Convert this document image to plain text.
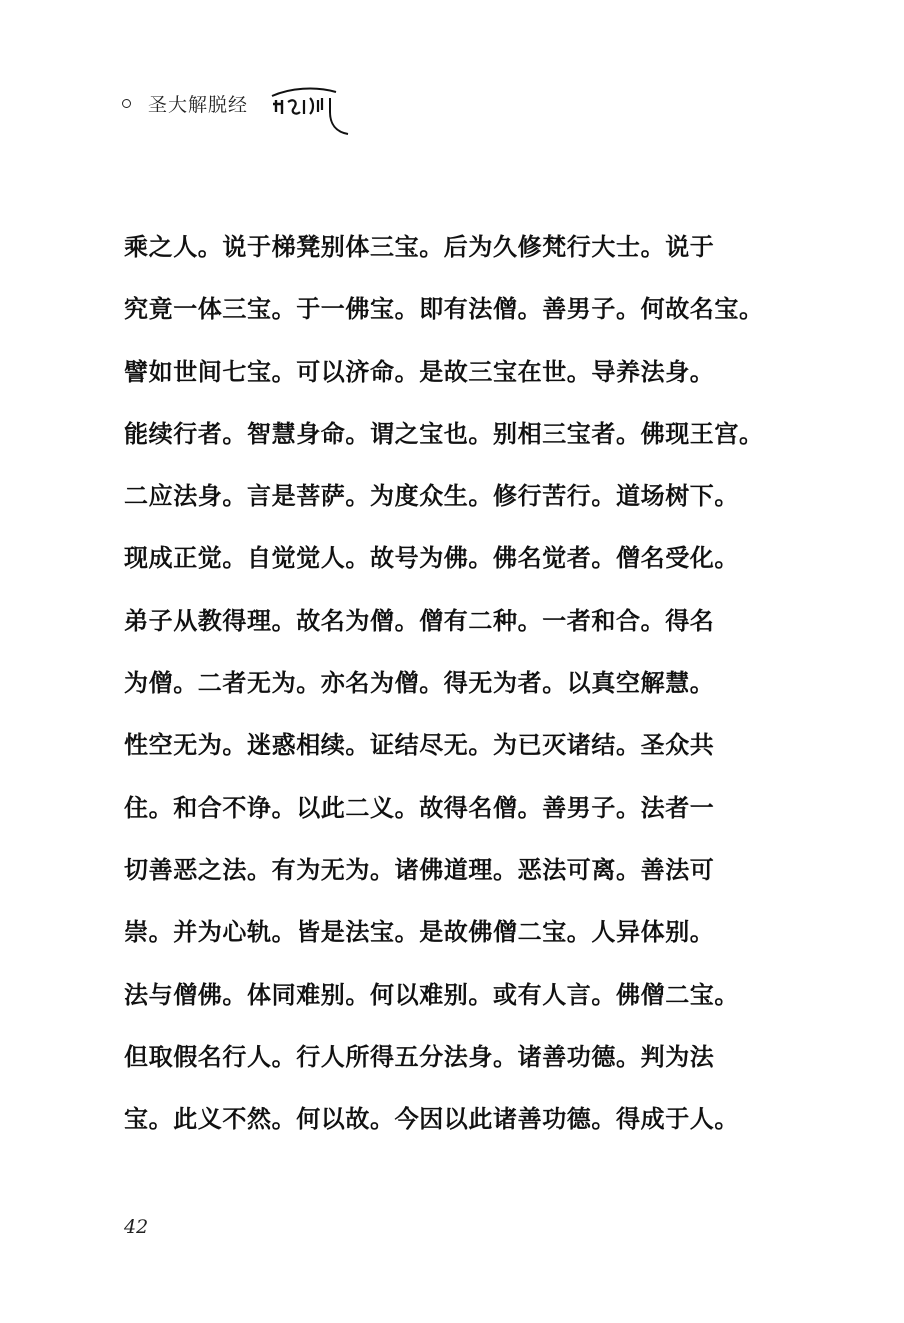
圣大解脱经
乘之人。说于梯凳别体三宝。后为久修梵行大士。说于
究竟一体三宝。于一佛宝。即有法僧。善男子。何故名宝。
譬如世间七宝。可以济命。是故三宝在世。导养法身。
能续行者。智慧身命。谓之宝也。别相三宝者。佛现王宫。
二应法身。言是菩萨。为度众生。修行苦行。道场树下。
现成正觉。自觉觉人。故号为佛。佛名觉者。僧名受化。
弟子从教得理。故名为僧。僧有二种。一者和合。得名
为僧。二者无为。亦名为僧。得无为者。以真空解慧。
性空无为。迷惑相续。证结尽无。为已灭诸结。圣众共
住。和合不诤。以此二义。故得名僧。善男子。法者一
切善恶之法。有为无为。诸佛道理。恶法可离。善法可
崇。并为心轨。皆是法宝。是故佛僧二宝。人异体别。
法与僧佛。体同难别。何以难别。或有人言。佛僧二宝。
但取假名行人。行人所得五分法身。诸善功德。判为法
宝。此义不然。何以故。今因以此诸善功德。得成于人。
42
